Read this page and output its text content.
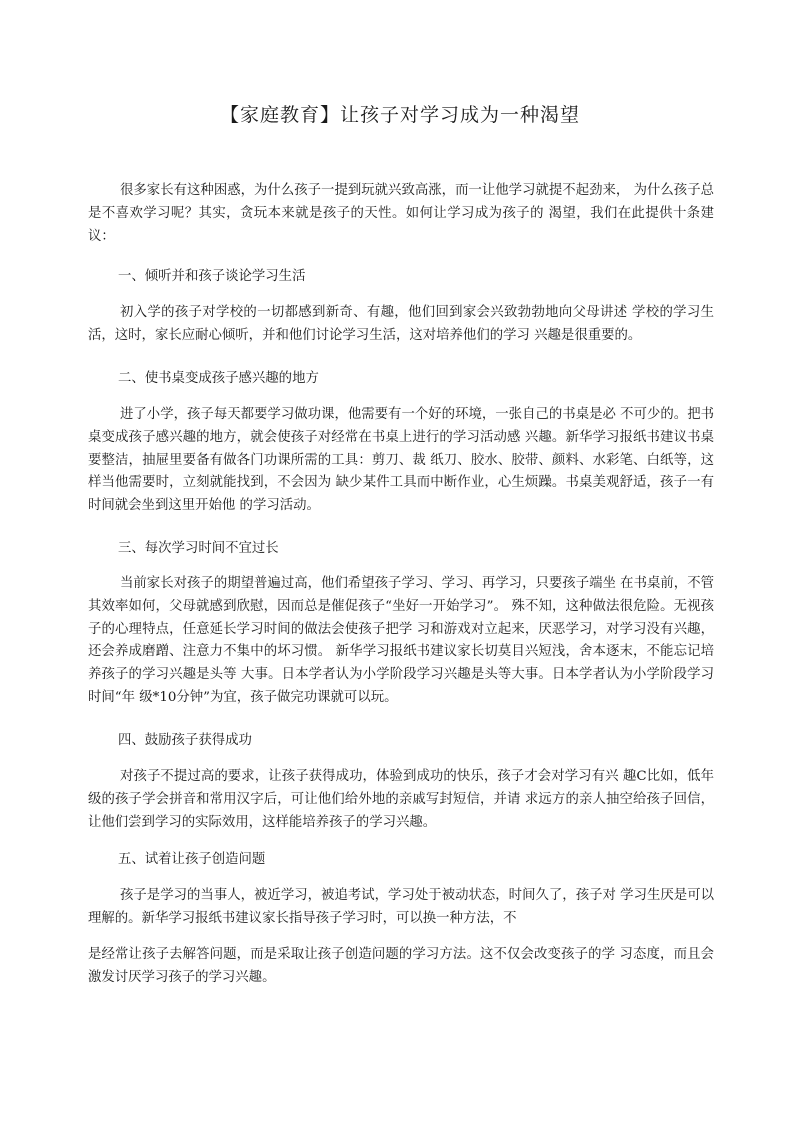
【家庭教育】让孩子对学习成为一种渴望

很多家长有这种困惑，为什么孩子一提到玩就兴致高涨，而一让他学习就提不起劲来， 为什么孩子总是不喜欢学习呢？其实，贪玩本来就是孩子的天性。如何让学习成为孩子的 渴望，我们在此提供十条建议：

一、倾听并和孩子谈论学习生活

初入学的孩子对学校的一切都感到新奇、有趣，他们回到家会兴致勃勃地向父母讲述 学校的学习生活，这时，家长应耐心倾听，并和他们讨论学习生活，这对培养他们的学习 兴趣是很重要的。

二、使书桌变成孩子感兴趣的地方

进了小学，孩子每天都要学习做功课，他需要有一个好的环境，一张自己的书桌是必 不可少的。把书桌变成孩子感兴趣的地方，就会使孩子对经常在书桌上进行的学习活动感 兴趣。新华学习报纸书建议书桌要整洁，抽屉里要备有做各门功课所需的工具：剪刀、裁 纸刀、胶水、胶带、颜料、水彩笔、白纸等，这样当他需要时，立刻就能找到，不会因为 缺少某件工具而中断作业，心生烦躁。书桌美观舒适，孩子一有时间就会坐到这里开始他 的学习活动。

三、每次学习时间不宜过长

当前家长对孩子的期望普遍过高，他们希望孩子学习、学习、再学习，只要孩子端坐 在书桌前，不管其效率如何，父母就感到欣慰，因而总是催促孩子“坐好一开始学习”。 殊不知，这种做法很危险。无视孩子的心理特点，任意延长学习时间的做法会使孩子把学 习和游戏对立起来，厌恶学习，对学习没有兴趣，还会养成磨蹭、注意力不集中的坏习惯。 新华学习报纸书建议家长切莫目兴短浅，舍本逐末，不能忘记培养孩子的学习兴趣是头等 大事。日本学者认为小学阶段学习兴趣是头等大事。日本学者认为小学阶段学习时间“年 级*10分钟”为宜，孩子做完功课就可以玩。

四、鼓励孩子获得成功

对孩子不提过高的要求，让孩子获得成功，体验到成功的快乐，孩子才会对学习有兴 趣C比如，低年级的孩子学会拼音和常用汉字后，可让他们给外地的亲戚写封短信，并请 求远方的亲人抽空给孩子回信，让他们尝到学习的实际效用，这样能培养孩子的学习兴趣。

五、试着让孩子创造问题

孩子是学习的当事人，被近学习，被追考试，学习处于被动状态，时间久了，孩子对 学习生厌是可以理解的。新华学习报纸书建议家长指导孩子学习时，可以换一种方法，不

是经常让孩子去解答问题，而是采取让孩子创造问题的学习方法。这不仅会改变孩子的学 习态度，而且会激发讨厌学习孩子的学习兴趣。
